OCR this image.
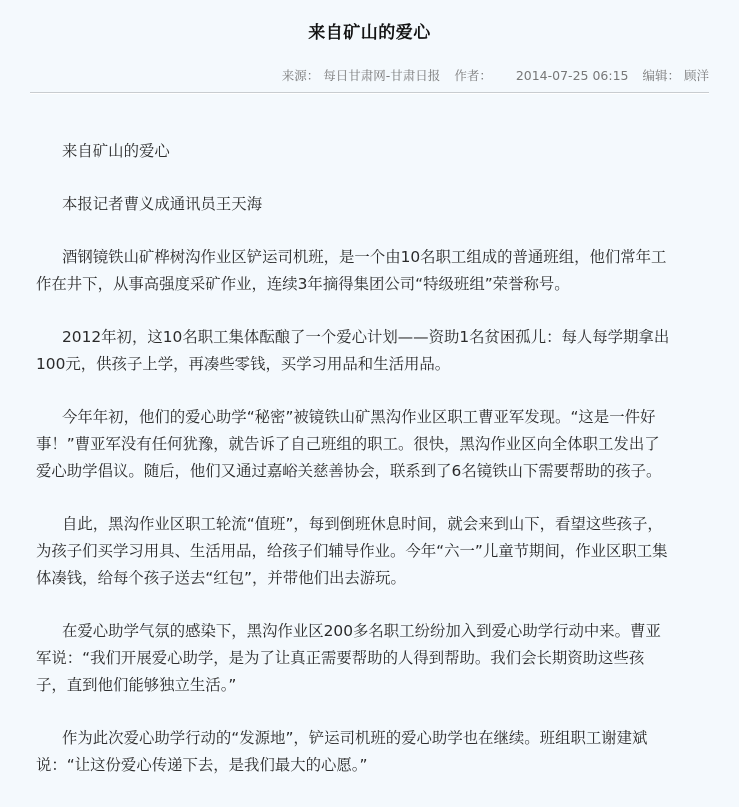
来自矿山的爱心
来源： 每日甘肃网-甘肃日报 作者： 2014-07-25 06:15 编辑： 顾洋

来自矿山的爱心

本报记者曹义成通讯员王天海

酒钢镜铁山矿桦树沟作业区铲运司机班，是一个由10名职工组成的普通班组，他们常年工
作在井下，从事高强度采矿作业，连续3年摘得集团公司“特级班组”荣誉称号。

2012年初，这10名职工集体酝酿了一个爱心计划——资助1名贫困孤儿：每人每学期拿出
100元，供孩子上学，再凑些零钱，买学习用品和生活用品。

今年年初，他们的爱心助学“秘密”被镜铁山矿黑沟作业区职工曹亚军发现。“这是一件好
事！”曹亚军没有任何犹豫，就告诉了自己班组的职工。很快，黑沟作业区向全体职工发出了
爱心助学倡议。随后，他们又通过嘉峪关慈善协会，联系到了6名镜铁山下需要帮助的孩子。

自此，黑沟作业区职工轮流“值班”，每到倒班休息时间，就会来到山下，看望这些孩子，
为孩子们买学习用具、生活用品，给孩子们辅导作业。今年“六一”儿童节期间，作业区职工集
体凑钱，给每个孩子送去“红包”，并带他们出去游玩。

在爱心助学气氛的感染下，黑沟作业区200多名职工纷纷加入到爱心助学行动中来。曹亚
军说：“我们开展爱心助学，是为了让真正需要帮助的人得到帮助。我们会长期资助这些孩
子，直到他们能够独立生活。”

作为此次爱心助学行动的“发源地”，铲运司机班的爱心助学也在继续。班组职工谢建斌
说：“让这份爱心传递下去，是我们最大的心愿。”
